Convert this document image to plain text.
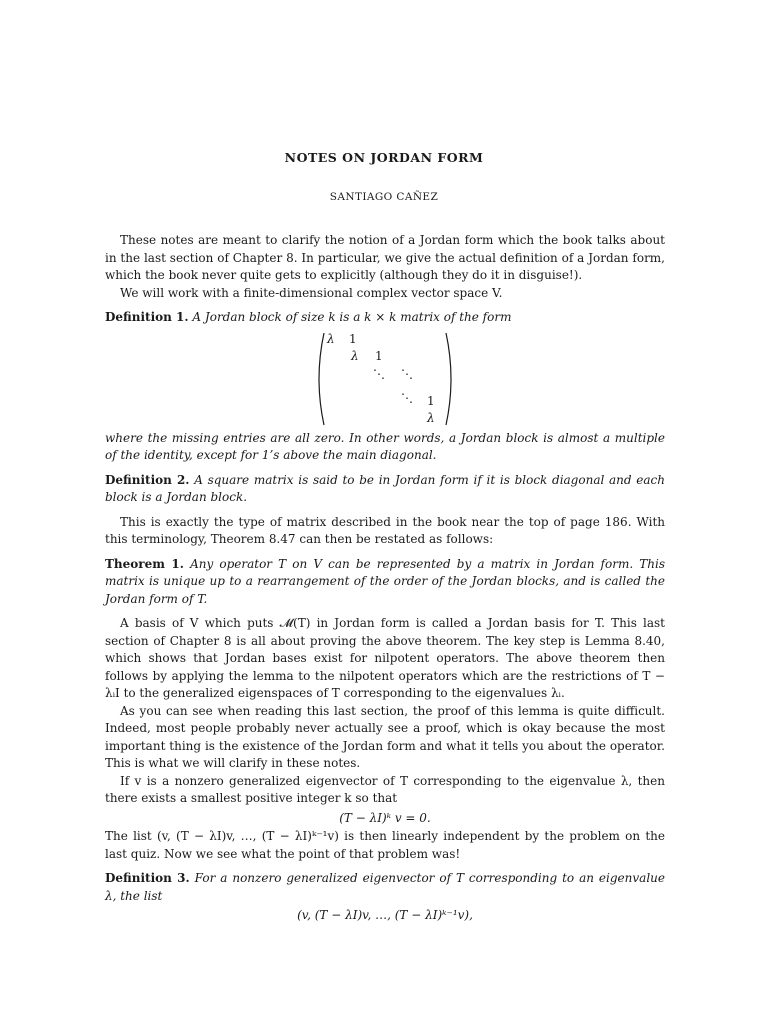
NOTES ON JORDAN FORM
SANTIAGO CAÑEZ

These notes are meant to clarify the notion of a Jordan form which the book talks about in the last section of Chapter 8. In particular, we give the actual definition of a Jordan form, which the book never quite gets to explicitly (although they do it in disguise!).

We will work with a finite-dimensional complex vector space V.

Definition 1. A Jordan block of size k is a k × k matrix of the form

λ 1
λ 1
⋱ ⋱
⋱ 1
λ

where the missing entries are all zero. In other words, a Jordan block is almost a multiple of the identity, except for 1’s above the main diagonal.

Definition 2. A square matrix is said to be in Jordan form if it is block diagonal and each block is a Jordan block.

This is exactly the type of matrix described in the book near the top of page 186. With this terminology, Theorem 8.47 can then be restated as follows:

Theorem 1. Any operator T on V can be represented by a matrix in Jordan form. This matrix is unique up to a rearrangement of the order of the Jordan blocks, and is called the Jordan form of T.

A basis of V which puts 𝓜(T) in Jordan form is called a Jordan basis for T. This last section of Chapter 8 is all about proving the above theorem. The key step is Lemma 8.40, which shows that Jordan bases exist for nilpotent operators. The above theorem then follows by applying the lemma to the nilpotent operators which are the restrictions of T − λᵢI to the generalized eigenspaces of T corresponding to the eigenvalues λᵢ.

As you can see when reading this last section, the proof of this lemma is quite difficult. Indeed, most people probably never actually see a proof, which is okay because the most important thing is the existence of the Jordan form and what it tells you about the operator. This is what we will clarify in these notes.

If v is a nonzero generalized eigenvector of T corresponding to the eigenvalue λ, then there exists a smallest positive integer k so that

(T − λI)ᵏ v = 0.

The list (v, (T − λI)v, …, (T − λI)ᵏ⁻¹v) is then linearly independent by the problem on the last quiz. Now we see what the point of that problem was!

Definition 3. For a nonzero generalized eigenvector of T corresponding to an eigenvalue λ, the list

(v, (T − λI)v, …, (T − λI)ᵏ⁻¹v),
